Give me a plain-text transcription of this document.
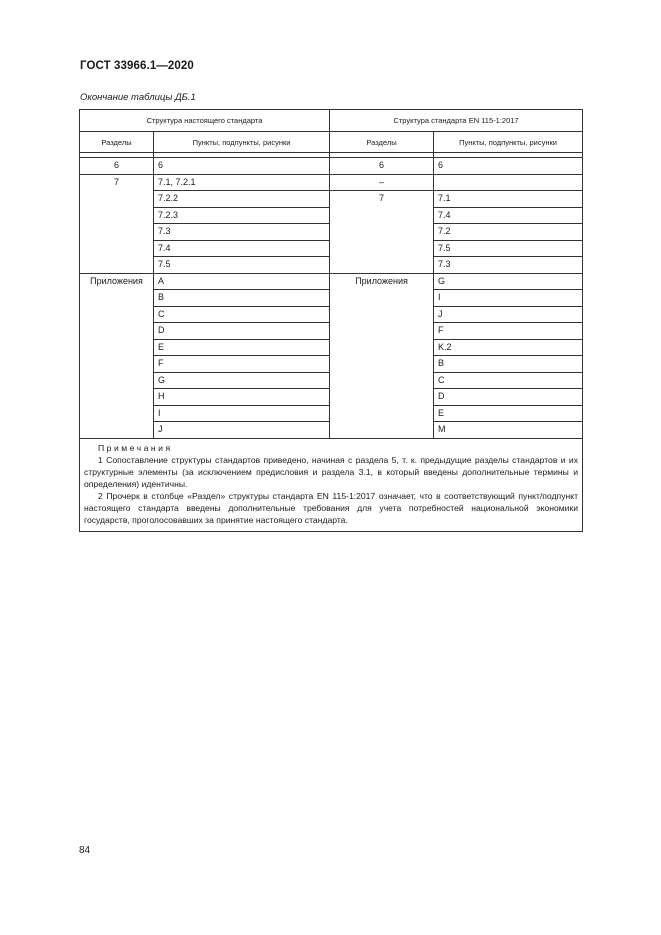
ГОСТ 33966.1—2020
Окончание таблицы ДБ.1
Структура настоящего стандарта		Структура стандарта EN 115-1:2017	
Разделы	Пункты, подпункты, рисунки	Разделы	Пункты, подпункты, рисунки

6	6	6	6
7	7.1, 7.2.1	–	
	7.2.2	7	7.1
	7.2.3		7.4
	7.3		7.2
	7.4		7.5
	7.5		7.3
Приложения	A	Приложения	G
	B		I
	C		J
	D		F
	E		K.2
	F		B
	G		C
	H		D
	I		E
	J		M

Примечания
1 Сопоставление структуры стандартов приведено, начиная с раздела 5, т. к. предыдущие разделы стандартов и их структурные элементы (за исключением предисловия и раздела 3.1, в который введены дополнительные термины и определения) идентичны.
2 Прочерк в столбце «Раздел» структуры стандарта EN 115-1:2017 означает, что в соответствующий пункт/подпункт настоящего стандарта введены дополнительные требования для учета потребностей национальной экономики государств, проголосовавших за принятие настоящего стандарта.			
84
